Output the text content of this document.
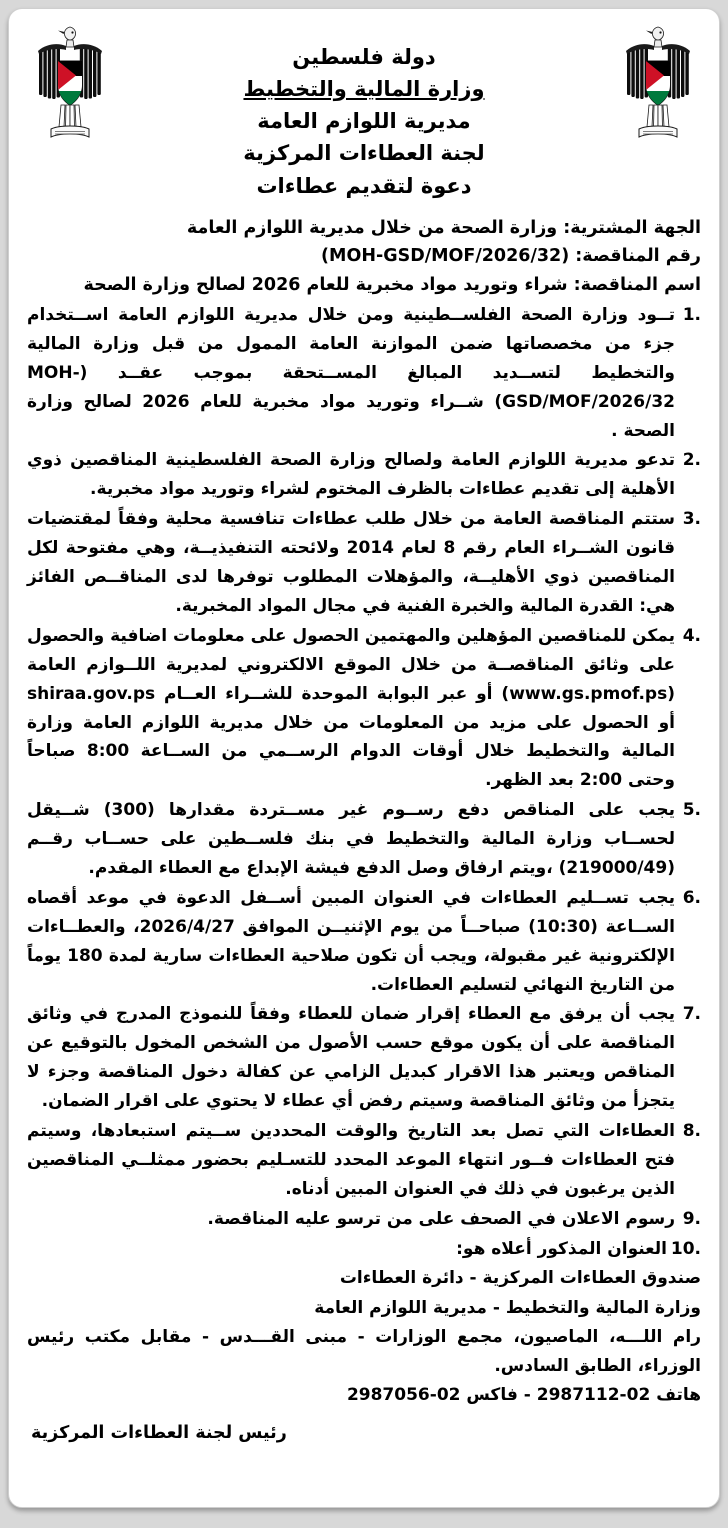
دولة فلسطين
وزارة المالية والتخطيط
مديرية اللوازم العامة
لجنة العطاءات المركزية
دعوة لتقديم عطاءات
الجهة المشترية: وزارة الصحة من خلال مديرية اللوازم العامة
رقم المناقصة: (MOH-GSD/MOF/2026/32)
اسم المناقصة: شراء وتوريد مواد مخبرية للعام 2026 لصالح وزارة الصحة
تــود وزارة الصحة الفلســطينية ومن خلال مديرية اللوازم العامة اســتخدام جزء من مخصصاتها ضمن الموازنة العامة الممول من قبل وزارة المالية والتخطيط لتســديد المبالغ المســتحقة بموجب عقــد (MOH-GSD/MOF/2026/32) شــراء وتوريد مواد مخبرية للعام 2026 لصالح وزارة الصحة .
تدعو مديرية اللوازم العامة ولصالح وزارة الصحة الفلسطينية المناقصين ذوي الأهلية إلى تقديم عطاءات بالظرف المختوم لشراء وتوريد مواد مخبرية.
ستتم المناقصة العامة من خلال طلب عطاءات تنافسية محلية وفقاً لمقتضيات قانون الشــراء العام رقم 8 لعام 2014 ولائحته التنفيذيــة، وهي مفتوحة لكل المناقصين ذوي الأهليــة، والمؤهلات المطلوب توفرها لدى المناقــص الفائز هي: القدرة المالية والخبرة الفنية في مجال المواد المخبرية.
يمكن للمناقصين المؤهلين والمهتمين الحصول على معلومات اضافية والحصول على وثائق المناقصــة من خلال الموقع الالكتروني لمديرية اللــوازم العامة (www.gs.pmof.ps) أو عبر البوابة الموحدة للشــراء العــام shiraa.gov.ps أو الحصول على مزيد من المعلومات من خلال مديرية اللوازم العامة وزارة المالية والتخطيط خلال أوقات الدوام الرســمي من الســاعة 8:00 صباحاً وحتى 2:00 بعد الظهر.
يجب على المناقص دفع رســوم غير مســتردة مقدارها (300) شــيقل لحســاب وزارة المالية والتخطيط في بنك فلســطين على حســاب رقــم (219000/49) ،ويتم ارفاق وصل الدفع فيشة الإبداع مع العطاء المقدم.
يجب تســليم العطاءات في العنوان المبين أســفل الدعوة في موعد أقصاه الســاعة (10:30) صباحــاً من يوم الإثنيــن الموافق 2026/4/27، والعطــاءات الإلكترونية غير مقبولة، ويجب أن تكون صلاحية العطاءات سارية لمدة 180 يوماً من التاريخ النهائي لتسليم العطاءات.
يجب أن يرفق مع العطاء إقرار ضمان للعطاء وفقاً للنموذج المدرج في وثائق المناقصة على أن يكون موقع حسب الأصول من الشخص المخول بالتوقيع عن المناقص ويعتبر هذا الاقرار كبديل الزامي عن كفالة دخول المناقصة وجزء لا يتجزأ من وثائق المناقصة وسيتم رفض أي عطاء لا يحتوي على اقرار الضمان.
العطاءات التي تصل بعد التاريخ والوقت المحددين ســيتم استبعادها، وسيتم فتح العطاءات فــور انتهاء الموعد المحدد للتسـليم بحضور ممثلــي المناقصين الذين يرغبون في ذلك في العنوان المبين أدناه.
رسوم الاعلان في الصحف على من ترسو عليه المناقصة.
العنوان المذكور أعلاه هو:
صندوق العطاءات المركزية - دائرة العطاءات
وزارة المالية والتخطيط - مديرية اللوازم العامة
رام اللـــه، الماصيون، مجمع الوزارات - مبنى القـــدس - مقابل مكتب رئيس الوزراء، الطابق السادس.
هاتف 02-2987112 - فاكس 02-2987056
رئيس لجنة العطاءات المركزية
